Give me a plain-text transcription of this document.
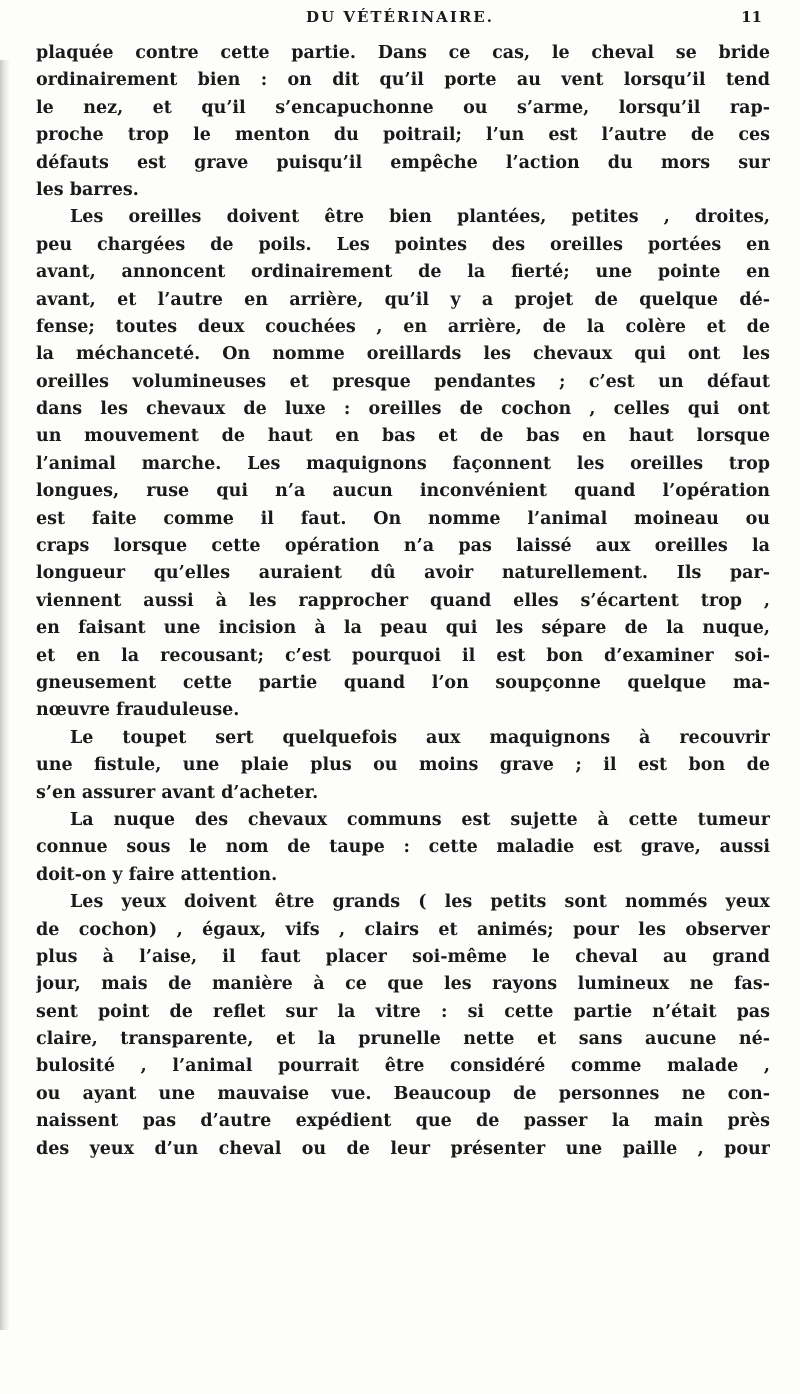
DU VÉTÉRINAIRE.	11
plaquée contre cette partie. Dans ce cas, le cheval se bride
ordinairement bien : on dit qu’il porte au vent lorsqu’il tend
le nez, et qu’il s’encapuchonne ou s’arme, lorsqu’il rap-
proche trop le menton du poitrail; l’un est l’autre de ces
défauts est grave puisqu’il empêche l’action du mors sur
les barres.
Les oreilles doivent être bien plantées, petites , droites,
peu chargées de poils. Les pointes des oreilles portées en
avant, annoncent ordinairement de la fierté; une pointe en
avant, et l’autre en arrière, qu’il y a projet de quelque dé-
fense; toutes deux couchées , en arrière, de la colère et de
la méchanceté. On nomme oreillards les chevaux qui ont les
oreilles volumineuses et presque pendantes ; c’est un défaut
dans les chevaux de luxe : oreilles de cochon , celles qui ont
un mouvement de haut en bas et de bas en haut lorsque
l’animal marche. Les maquignons façonnent les oreilles trop
longues, ruse qui n’a aucun inconvénient quand l’opération
est faite comme il faut. On nomme l’animal moineau ou
craps lorsque cette opération n’a pas laissé aux oreilles la
longueur qu’elles auraient dû avoir naturellement. Ils par-
viennent aussi à les rapprocher quand elles s’écartent trop ,
en faisant une incision à la peau qui les sépare de la nuque,
et en la recousant; c’est pourquoi il est bon d’examiner soi-
gneusement cette partie quand l’on soupçonne quelque ma-
nœuvre frauduleuse.
Le toupet sert quelquefois aux maquignons à recouvrir
une fistule, une plaie plus ou moins grave ; il est bon de
s’en assurer avant d’acheter.
La nuque des chevaux communs est sujette à cette tumeur
connue sous le nom de taupe : cette maladie est grave, aussi
doit-on y faire attention.
Les yeux doivent être grands ( les petits sont nommés yeux
de cochon) , égaux, vifs , clairs et animés; pour les observer
plus à l’aise, il faut placer soi-même le cheval au grand
jour, mais de manière à ce que les rayons lumineux ne fas-
sent point de reflet sur la vitre : si cette partie n’était pas
claire, transparente, et la prunelle nette et sans aucune né-
bulosité , l’animal pourrait être considéré comme malade ,
ou ayant une mauvaise vue. Beaucoup de personnes ne con-
naissent pas d’autre expédient que de passer la main près
des yeux d’un cheval ou de leur présenter une paille , pour
